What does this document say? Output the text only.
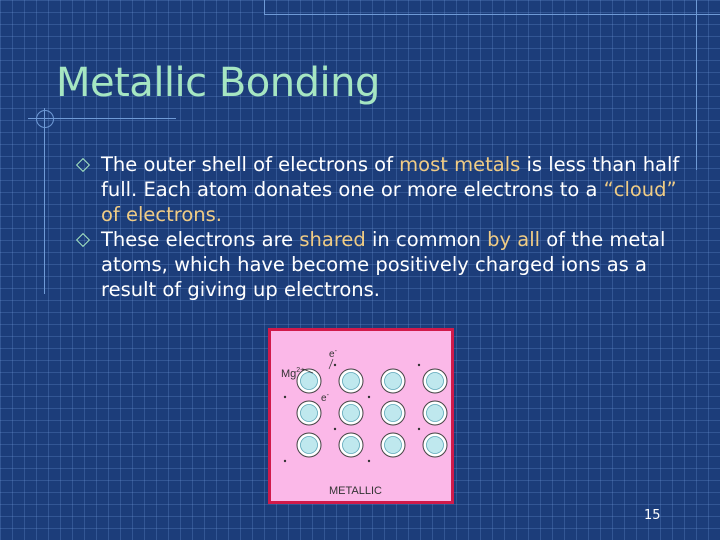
Metallic Bonding
The outer shell of electrons of most metals is less than half full. Each atom donates one or more electrons to a “cloud” of electrons.
These electrons are shared in common by all of the metal atoms, which have become positively charged ions as a result of giving up electrons.
$Mg^{2+}$
e-
e-
METALLIC
15
